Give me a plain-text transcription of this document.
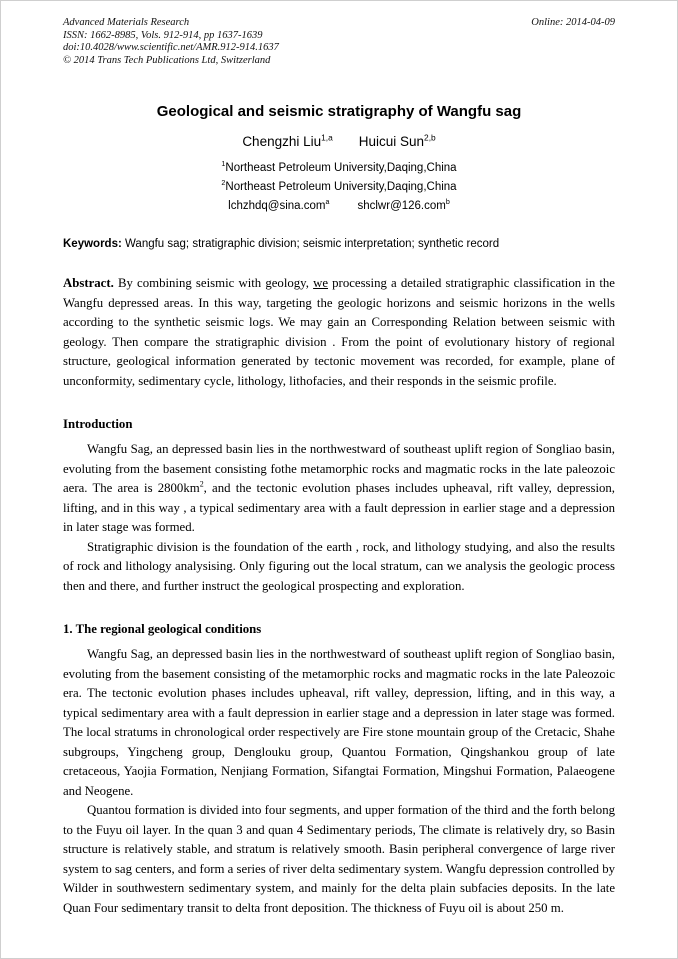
Advanced Materials Research
ISSN: 1662-8985, Vols. 912-914, pp 1637-1639
doi:10.4028/www.scientific.net/AMR.912-914.1637
© 2014 Trans Tech Publications Ltd, Switzerland
Online: 2014-04-09
Geological and seismic stratigraphy of Wangfu sag
Chengzhi Liu$^{1,a}$ Huicui Sun$^{2,b}$
$^1$Northeast Petroleum University,Daqing,China
$^2$Northeast Petroleum University,Daqing,China
lchzhdq@sina.com$^a$ shclwr@126.com$^b$
Keywords: Wangfu sag; stratigraphic division; seismic interpretation; synthetic record
Abstract. By combining seismic with geology, we processing a detailed stratigraphic classification in the Wangfu depressed areas. In this way, targeting the geologic horizons and seismic horizons in the wells according to the synthetic seismic logs. We may gain an Corresponding Relation between seismic with geology. Then compare the stratigraphic division . From the point of evolutionary history of regional structure, geological information generated by tectonic movement was recorded, for example, plane of unconformity, sedimentary cycle, lithology, lithofacies, and their responds in the seismic profile.
Introduction

Wangfu Sag, an depressed basin lies in the northwestward of southeast uplift region of Songliao basin, evoluting from the basement consisting fothe metamorphic rocks and magmatic rocks in the late paleozoic aera. The area is $2800km^2$, and the tectonic evolution phases includes upheaval, rift valley, depression, lifting, and in this way , a typical sedimentary area with a fault depression in earlier stage and a depression in later stage was formed.

Stratigraphic division is the foundation of the earth , rock, and lithology studying, and also the results of rock and lithology analysising. Only figuring out the local stratum, can we analysis the geologic process then and there, and further instruct the geological prospecting and exploration.

1. The regional geological conditions

Wangfu Sag, an depressed basin lies in the northwestward of southeast uplift region of Songliao basin, evoluting from the basement consisting of the metamorphic rocks and magmatic rocks in the late Paleozoic era. The tectonic evolution phases includes upheaval, rift valley, depression, lifting, and in this way, a typical sedimentary area with a fault depression in earlier stage and a depression in later stage was formed. The local stratums in chronological order respectively are Fire stone mountain group of the Cretacic, Shahe subgroups, Yingcheng group, Denglouku group, Quantou Formation, Qingshankou group of late cretaceous, Yaojia Formation, Nenjiang Formation, Sifangtai Formation, Mingshui Formation, Palaeogene and Neogene.

Quantou formation is divided into four segments, and upper formation of the third and the forth belong to the Fuyu oil layer. In the quan 3 and quan 4 Sedimentary periods, The climate is relatively dry, so Basin structure is relatively stable, and stratum is relatively smooth. Basin peripheral convergence of large river system to sag centers, and form a series of river delta sedimentary system. Wangfu depression controlled by Wilder in southwestern sedimentary system, and mainly for the delta plain subfacies deposits. In the late Quan Four sedimentary transit to delta front deposition. The thickness of Fuyu oil is about 250 m.
